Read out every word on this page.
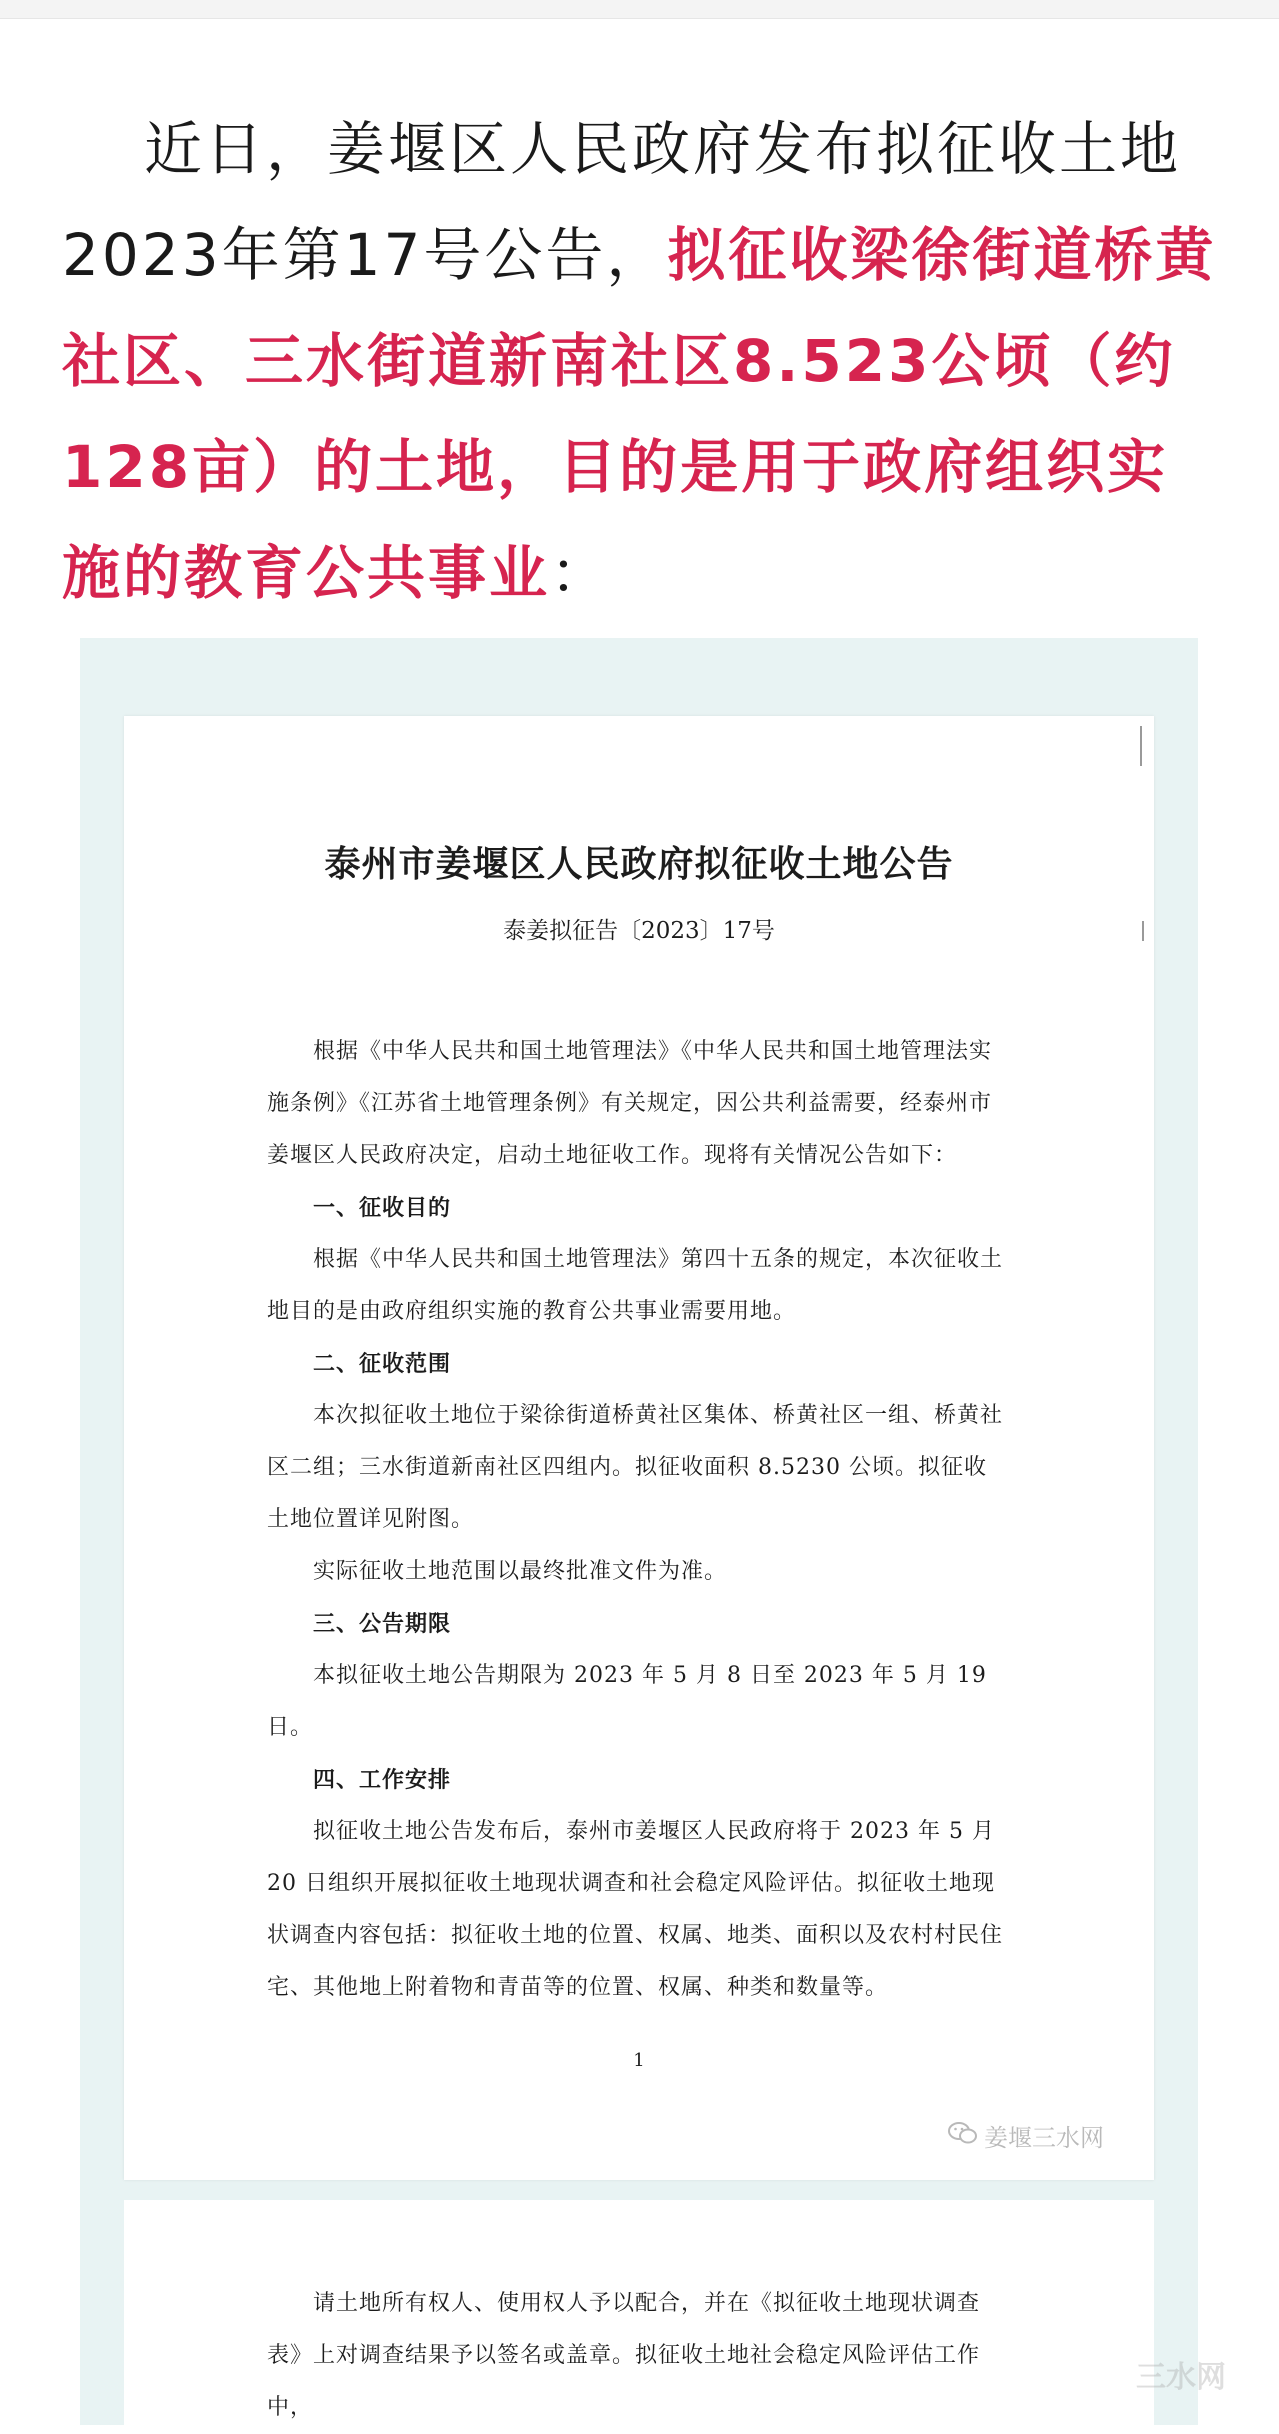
近日，姜堰区人民政府发布拟征收土地2023年第17号公告，拟征收梁徐街道桥黄社区、三水街道新南社区8.523公顷（约128亩）的土地，目的是用于政府组织实施的教育公共事业：

泰州市姜堰区人民政府拟征收土地公告
泰姜拟征告〔2023〕17号

根据《中华人民共和国土地管理法》《中华人民共和国土地管理法实施条例》《江苏省土地管理条例》有关规定，因公共利益需要，经泰州市姜堰区人民政府决定，启动土地征收工作。现将有关情况公告如下：

一、征收目的

根据《中华人民共和国土地管理法》第四十五条的规定，本次征收土地目的是由政府组织实施的教育公共事业需要用地。

二、征收范围

本次拟征收土地位于梁徐街道桥黄社区集体、桥黄社区一组、桥黄社区二组；三水街道新南社区四组内。拟征收面积 8.5230 公顷。拟征收土地位置详见附图。

实际征收土地范围以最终批准文件为准。

三、公告期限

本拟征收土地公告期限为 2023 年 5 月 8 日至 2023 年 5 月 19 日。

四、工作安排

拟征收土地公告发布后，泰州市姜堰区人民政府将于 2023 年 5 月 20 日组织开展拟征收土地现状调查和社会稳定风险评估。拟征收土地现状调查内容包括：拟征收土地的位置、权属、地类、面积以及农村村民住宅、其他地上附着物和青苗等的位置、权属、种类和数量等。

1
姜堰三水网

请土地所有权人、使用权人予以配合，并在《拟征收土地现状调查表》上对调查结果予以签名或盖章。拟征收土地社会稳定风险评估工作中，

三水网
